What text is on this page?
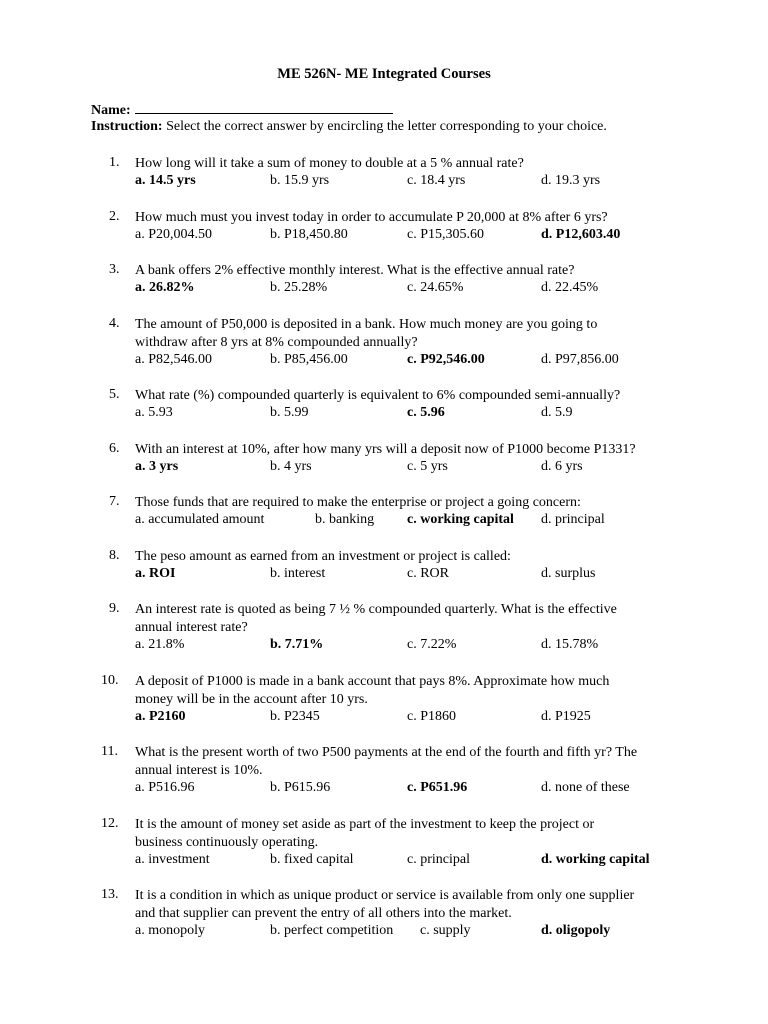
ME 526N- ME Integrated Courses
Name:
Instruction: Select the correct answer by encircling the letter corresponding to your choice.
1. How long will it take a sum of money to double at a 5 % annual rate?
a. 14.5 yrs	b. 15.9 yrs	c. 18.4 yrs	d. 19.3 yrs
2. How much must you invest today in order to accumulate P 20,000 at 8% after 6 yrs?
a. P20,004.50	b. P18,450.80	c. P15,305.60	d. P12,603.40
3. A bank offers 2% effective monthly interest. What is the effective annual rate?
a. 26.82%	b. 25.28%	c. 24.65%	d. 22.45%
4. The amount of P50,000 is deposited in a bank. How much money are you going to
withdraw after 8 yrs at 8% compounded annually?
a. P82,546.00	b. P85,456.00	c. P92,546.00	d. P97,856.00
5. What rate (%) compounded quarterly is equivalent to 6% compounded semi-annually?
a. 5.93	b. 5.99	c. 5.96	d. 5.9
6. With an interest at 10%, after how many yrs will a deposit now of P1000 become P1331?
a. 3 yrs	b. 4 yrs	c. 5 yrs	d. 6 yrs
7. Those funds that are required to make the enterprise or project a going concern:
a. accumulated amount	b. banking c. working capital d. principal
8. The peso amount as earned from an investment or project is called:
a. ROI	b. interest	c. ROR	d. surplus
9. An interest rate is quoted as being 7 ½ % compounded quarterly. What is the effective
annual interest rate?
a. 21.8%	b. 7.71%	c. 7.22%	d. 15.78%
10. A deposit of P1000 is made in a bank account that pays 8%. Approximate how much
money will be in the account after 10 yrs.
a. P2160	b. P2345	c. P1860	d. P1925
11. What is the present worth of two P500 payments at the end of the fourth and fifth yr? The
annual interest is 10%.
a. P516.96	b. P615.96	c. P651.96	d. none of these
12. It is the amount of money set aside as part of the investment to keep the project or
business continuously operating.
a. investment	b. fixed capital	c. principal	d. working capital
13. It is a condition in which as unique product or service is available from only one supplier
and that supplier can prevent the entry of all others into the market.
a. monopoly	b. perfect competition c. supply	d. oligopoly
